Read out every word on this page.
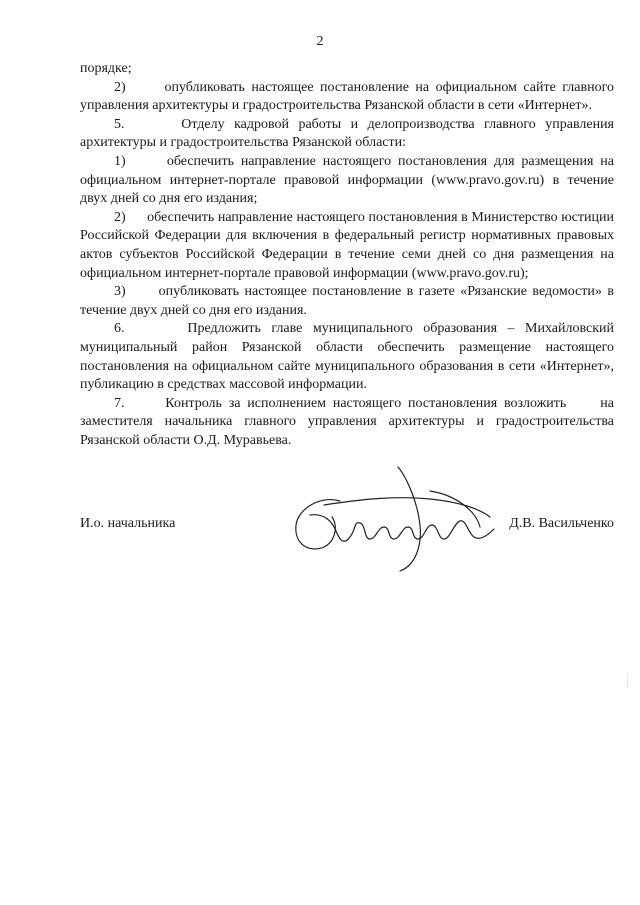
2

порядке;

2)      опубликовать настоящее постановление на официальном сайте главного управления архитектуры и градостроительства Рязанской области в сети «Интернет».

5.      Отделу кадровой работы и делопроизводства главного управления архитектуры и градостроительства Рязанской области:

1)      обеспечить направление настоящего постановления для размещения на официальном интернет-портале правовой информации (www.pravo.gov.ru) в течение двух дней со дня его издания;

2)      обеспечить направление настоящего постановления в Министерство юстиции Российской Федерации для включения в федеральный регистр нормативных правовых актов субъектов Российской Федерации в течение семи дней со дня размещения на официальном интернет-портале правовой информации (www.pravo.gov.ru);

3)      опубликовать настоящее постановление в газете «Рязанские ведомости» в течение двух дней со дня его издания.

6.      Предложить главе муниципального образования – Михайловский муниципальный район Рязанской области обеспечить размещение настоящего постановления на официальном сайте муниципального образования в сети «Интернет», публикацию в средствах массовой информации.

7.      Контроль за исполнением настоящего постановления возложить     на заместителя начальника главного управления архитектуры и градостроительства Рязанской области О.Д. Муравьева.

И.о. начальника	Д.В. Васильченко
.....
